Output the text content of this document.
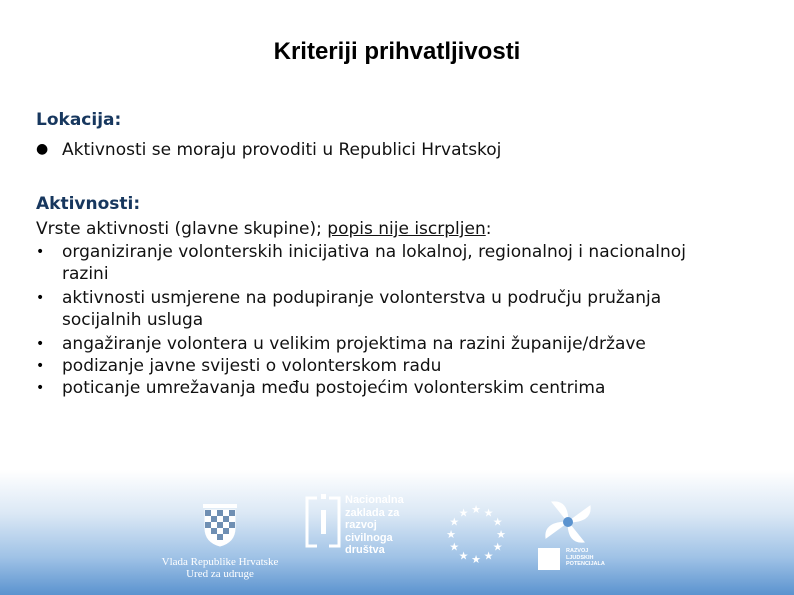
Kriteriji prihvatljivosti
Lokacija:
● Aktivnosti se moraju provoditi u Republici Hrvatskoj
Aktivnosti:
Vrste aktivnosti (glavne skupine); popis nije iscrpljen:
• organiziranje volonterskih inicijativa na lokalnoj, regionalnoj i nacionalnoj
razini
• aktivnosti usmjerene na podupiranje volonterstva u području pružanja
socijalnih usluga
• angažiranje volontera u velikim projektima na razini županije/države
• podizanje javne svijesti o volonterskom radu
• poticanje umrežavanja među postojećim volonterskim centrima
Vlada Republike Hrvatske
Ured za udruge
Nacionalna
zaklada za
razvoj
civilnoga
društva
★ ★
★
★
★
★
★
★
★
★
★
★
RAZVOJ
LJUDSKIH
POTENCIJALA
